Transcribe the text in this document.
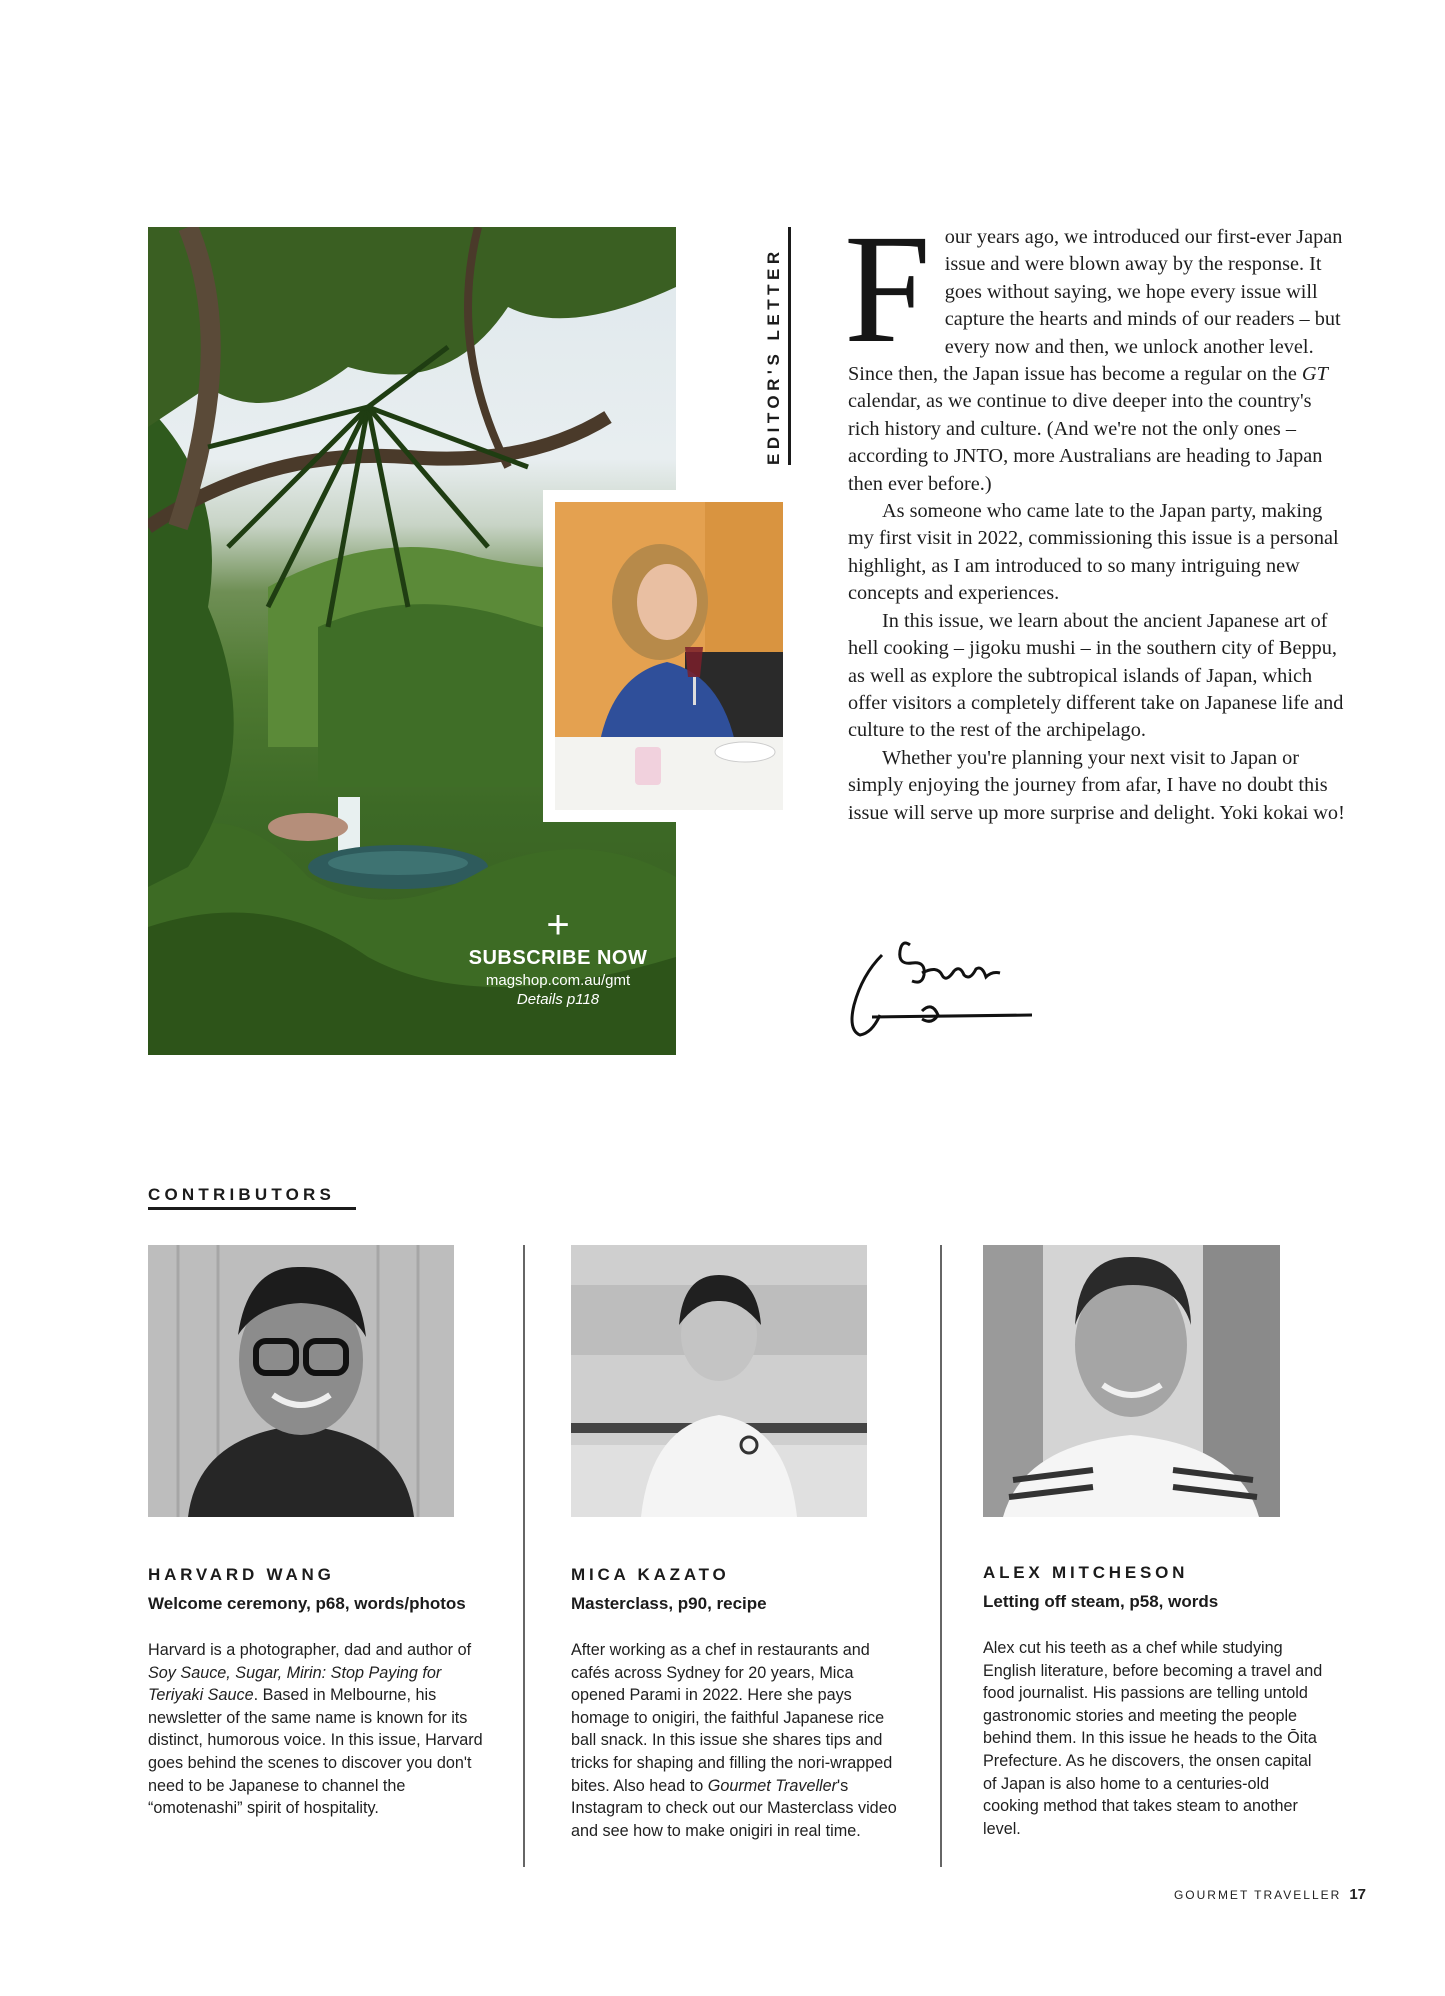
+
SUBSCRIBE NOW
magshop.com.au/gmt
Details p118
EDITOR'S LETTER F our years ago, we introduced our first-ever Japan issue and were blown away by the response. It goes without saying, we hope every issue will capture the hearts and minds of our readers – but every now and then, we unlock another level. Since then, the Japan issue has become a regular on the GT calendar, as we continue to dive deeper into the country's rich history and culture. (And we're not the only ones – according to JNTO, more Australians are heading to Japan then ever before.)

As someone who came late to the Japan party, making my first visit in 2022, commissioning this issue is a personal highlight, as I am introduced to so many intriguing new concepts and experiences.

In this issue, we learn about the ancient Japanese art of hell cooking – jigoku mushi – in the southern city of Beppu, as well as explore the subtropical islands of Japan, which offer visitors a completely different take on Japanese life and culture to the rest of the archipelago.

Whether you're planning your next visit to Japan or simply enjoying the journey from afar, I have no doubt this issue will serve up more surprise and delight. Yoki kokai wo!

CONTRIBUTORS
HARVARD WANG
Welcome ceremony, p68, words/photos
Harvard is a photographer, dad and author of Soy Sauce, Sugar, Mirin: Stop Paying for Teriyaki Sauce. Based in Melbourne, his newsletter of the same name is known for its distinct, humorous voice. In this issue, Harvard goes behind the scenes to discover you don't need to be Japanese to channel the “omotenashi” spirit of hospitality.
MICA KAZATO
Masterclass, p90, recipe
After working as a chef in restaurants and cafés across Sydney for 20 years, Mica opened Parami in 2022. Here she pays homage to onigiri, the faithful Japanese rice ball snack. In this issue she shares tips and tricks for shaping and filling the nori-wrapped bites. Also head to Gourmet Traveller's Instagram to check out our Masterclass video and see how to make onigiri in real time.
ALEX MITCHESON
Letting off steam, p58, words
Alex cut his teeth as a chef while studying English literature, before becoming a travel and food journalist. His passions are telling untold gastronomic stories and meeting the people behind them. In this issue he heads to the Ōita Prefecture. As he discovers, the onsen capital of Japan is also home to a centuries-old cooking method that takes steam to another level.
GOURMET TRAVELLER 17
